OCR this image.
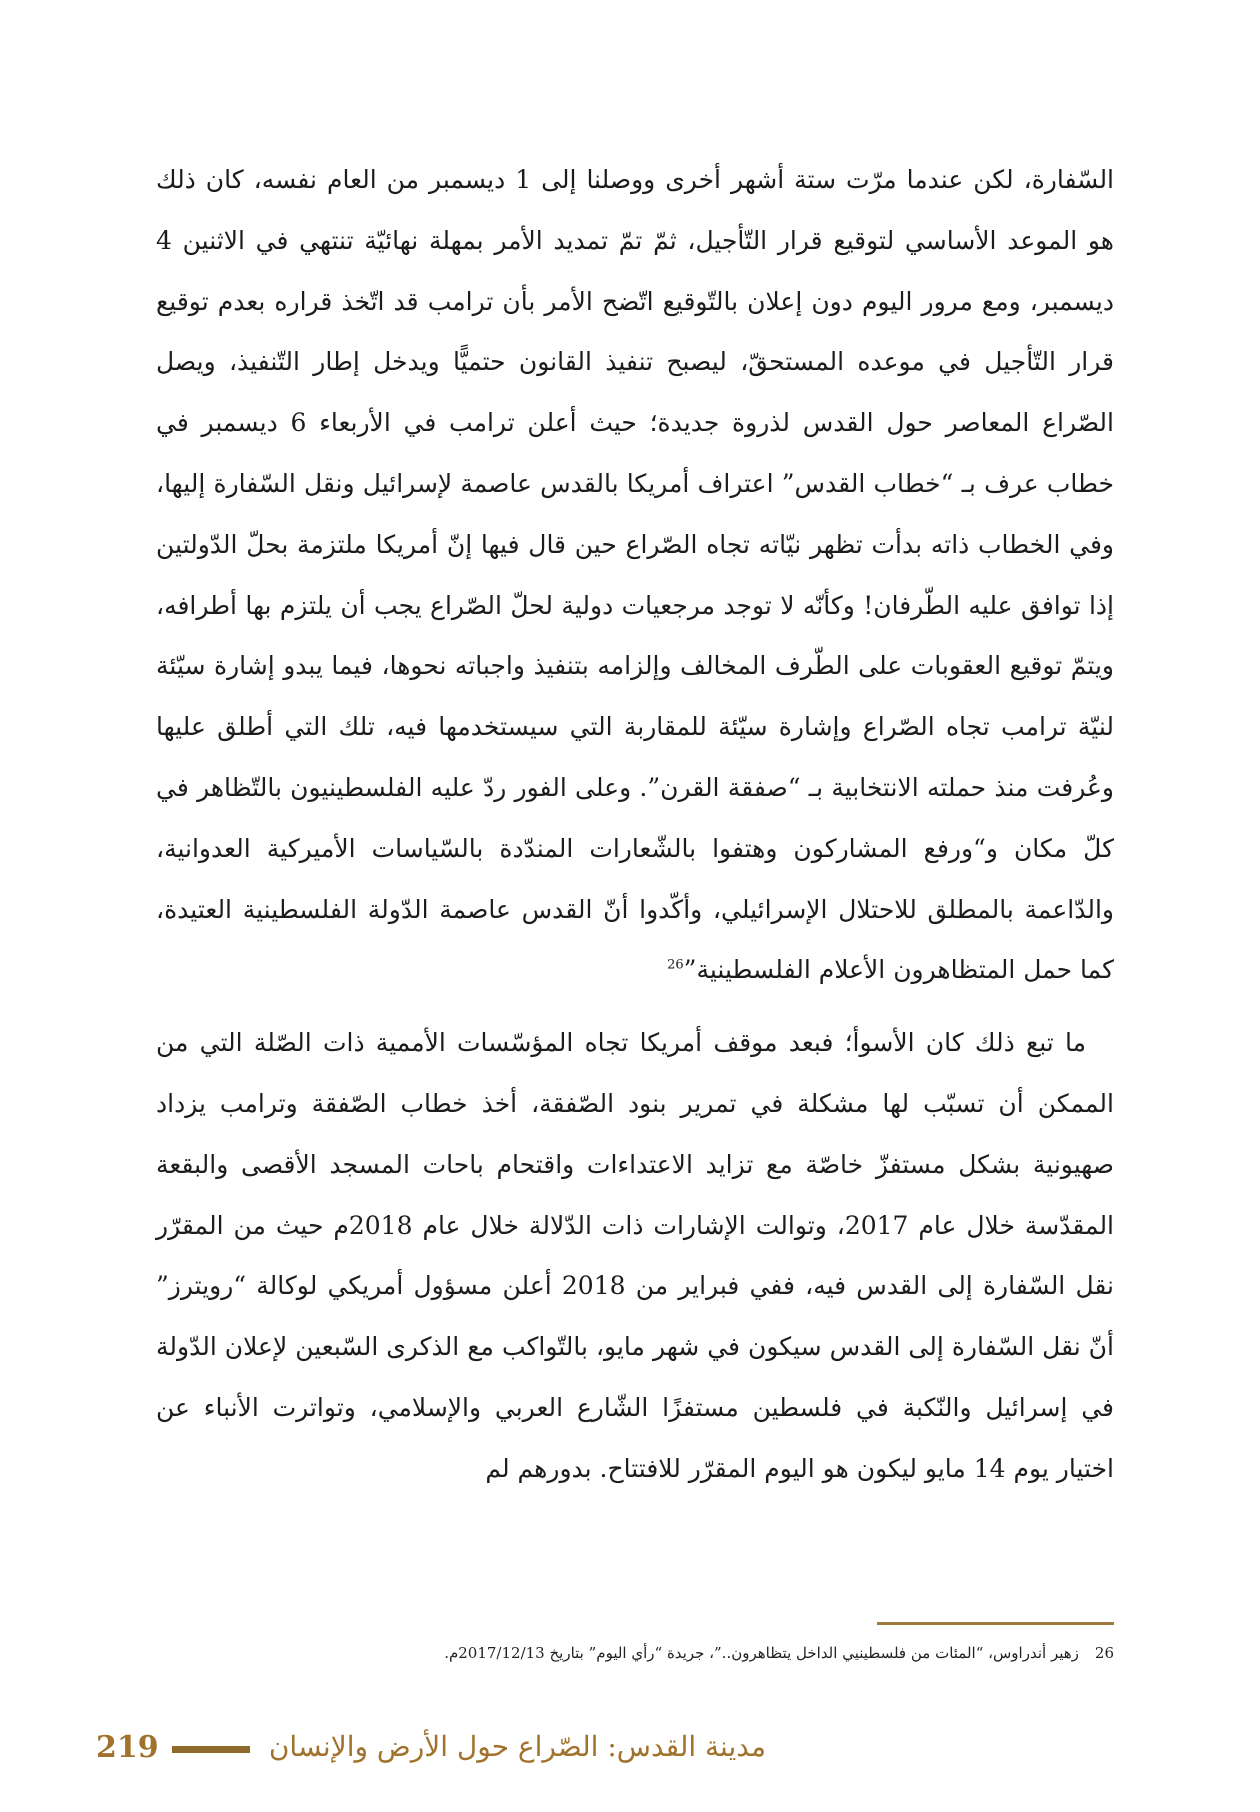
السّفارة، لكن عندما مرّت ستة أشهر أخرى ووصلنا إلى 1 ديسمبر من العام نفسه، كان ذلك هو الموعد الأساسي لتوقيع قرار التّأجيل، ثمّ تمّ تمديد الأمر بمهلة نهائيّة تنتهي في الاثنين 4 ديسمبر، ومع مرور اليوم دون إعلان بالتّوقيع اتّضح الأمر بأن ترامب قد اتّخذ قراره بعدم توقيع قرار التّأجيل في موعده المستحقّ، ليصبح تنفيذ القانون حتميًّا ويدخل إطار التّنفيذ، ويصل الصّراع المعاصر حول القدس لذروة جديدة؛ حيث أعلن ترامب في الأربعاء 6 ديسمبر في خطاب عرف بـ “خطاب القدس” اعتراف أمريكا بالقدس عاصمة لإسرائيل ونقل السّفارة إليها، وفي الخطاب ذاته بدأت تظهر نيّاته تجاه الصّراع حين قال فيها إنّ أمريكا ملتزمة بحلّ الدّولتين إذا توافق عليه الطّرفان! وكأنّه لا توجد مرجعيات دولية لحلّ الصّراع يجب أن يلتزم بها أطرافه، ويتمّ توقيع العقوبات على الطّرف المخالف وإلزامه بتنفيذ واجباته نحوها، فيما يبدو إشارة سيّئة لنيّة ترامب تجاه الصّراع وإشارة سيّئة للمقاربة التي سيستخدمها فيه، تلك التي أطلق عليها وعُرفت منذ حملته الانتخابية بـ “صفقة القرن”. وعلى الفور ردّ عليه الفلسطينيون بالتّظاهر في كلّ مكان و“ورفع المشاركون وهتفوا بالشّعارات المندّدة بالسّياسات الأميركية العدوانية، والدّاعمة بالمطلق للاحتلال الإسرائيلي، وأكّدوا أنّ القدس عاصمة الدّولة الفلسطينية العتيدة، كما حمل المتظاهرون الأعلام الفلسطينية”$^{26}$

ما تبع ذلك كان الأسوأ؛ فبعد موقف أمريكا تجاه المؤسّسات الأممية ذات الصّلة التي من الممكن أن تسبّب لها مشكلة في تمرير بنود الصّفقة، أخذ خطاب الصّفقة وترامب يزداد صهيونية بشكل مستفزّ خاصّة مع تزايد الاعتداءات واقتحام باحات المسجد الأقصى والبقعة المقدّسة خلال عام 2017، وتوالت الإشارات ذات الدّلالة خلال عام 2018م حيث من المقرّر نقل السّفارة إلى القدس فيه، ففي فبراير من 2018 أعلن مسؤول أمريكي لوكالة “رويترز” أنّ نقل السّفارة إلى القدس سيكون في شهر مايو، بالتّواكب مع الذكرى السّبعين لإعلان الدّولة في إسرائيل والنّكبة في فلسطين مستفزًا الشّارع العربي والإسلامي، وتواترت الأنباء عن اختيار يوم 14 مايو ليكون هو اليوم المقرّر للافتتاح. بدورهم لم

26زهير أندراوس، “المئات من فلسطينيي الداخل يتظاهرون..”، جريدة “رأي اليوم” بتاريخ 2017/12/13م.
219	مدينة القدس: الصّراع حول الأرض والإنسان
